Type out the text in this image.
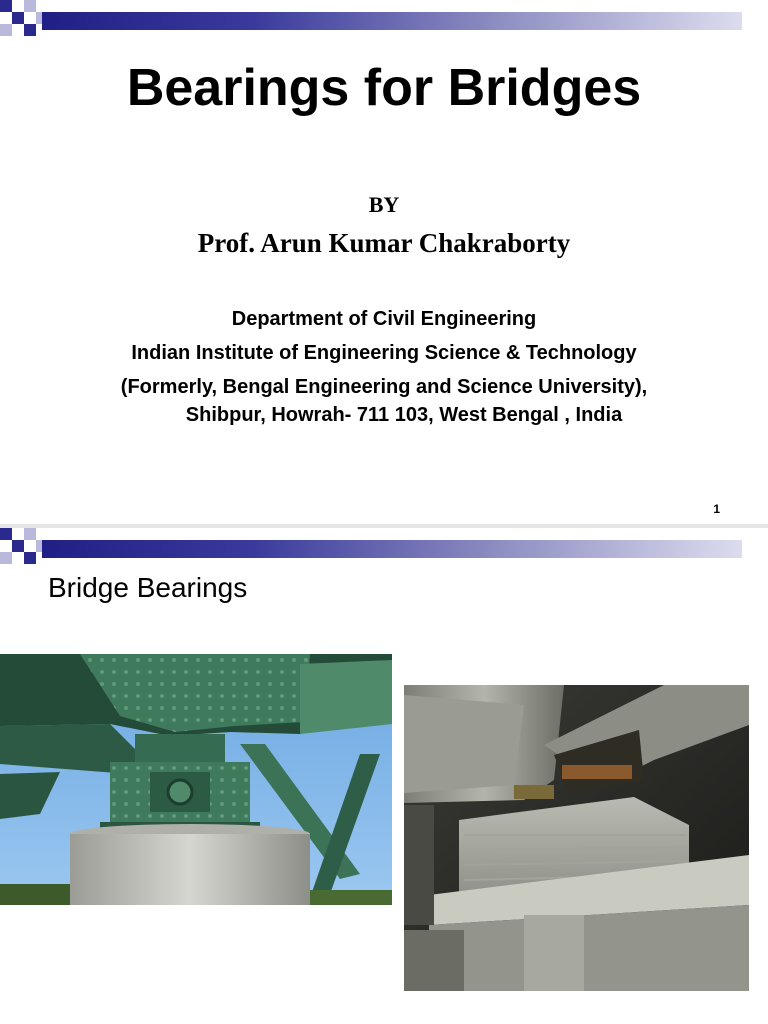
Bearings for Bridges
BY
Prof. Arun Kumar Chakraborty
Department of Civil Engineering
Indian Institute of Engineering Science & Technology
(Formerly, Bengal Engineering and Science University),
Shibpur, Howrah- 711 103, West Bengal , India
1
Bridge Bearings
